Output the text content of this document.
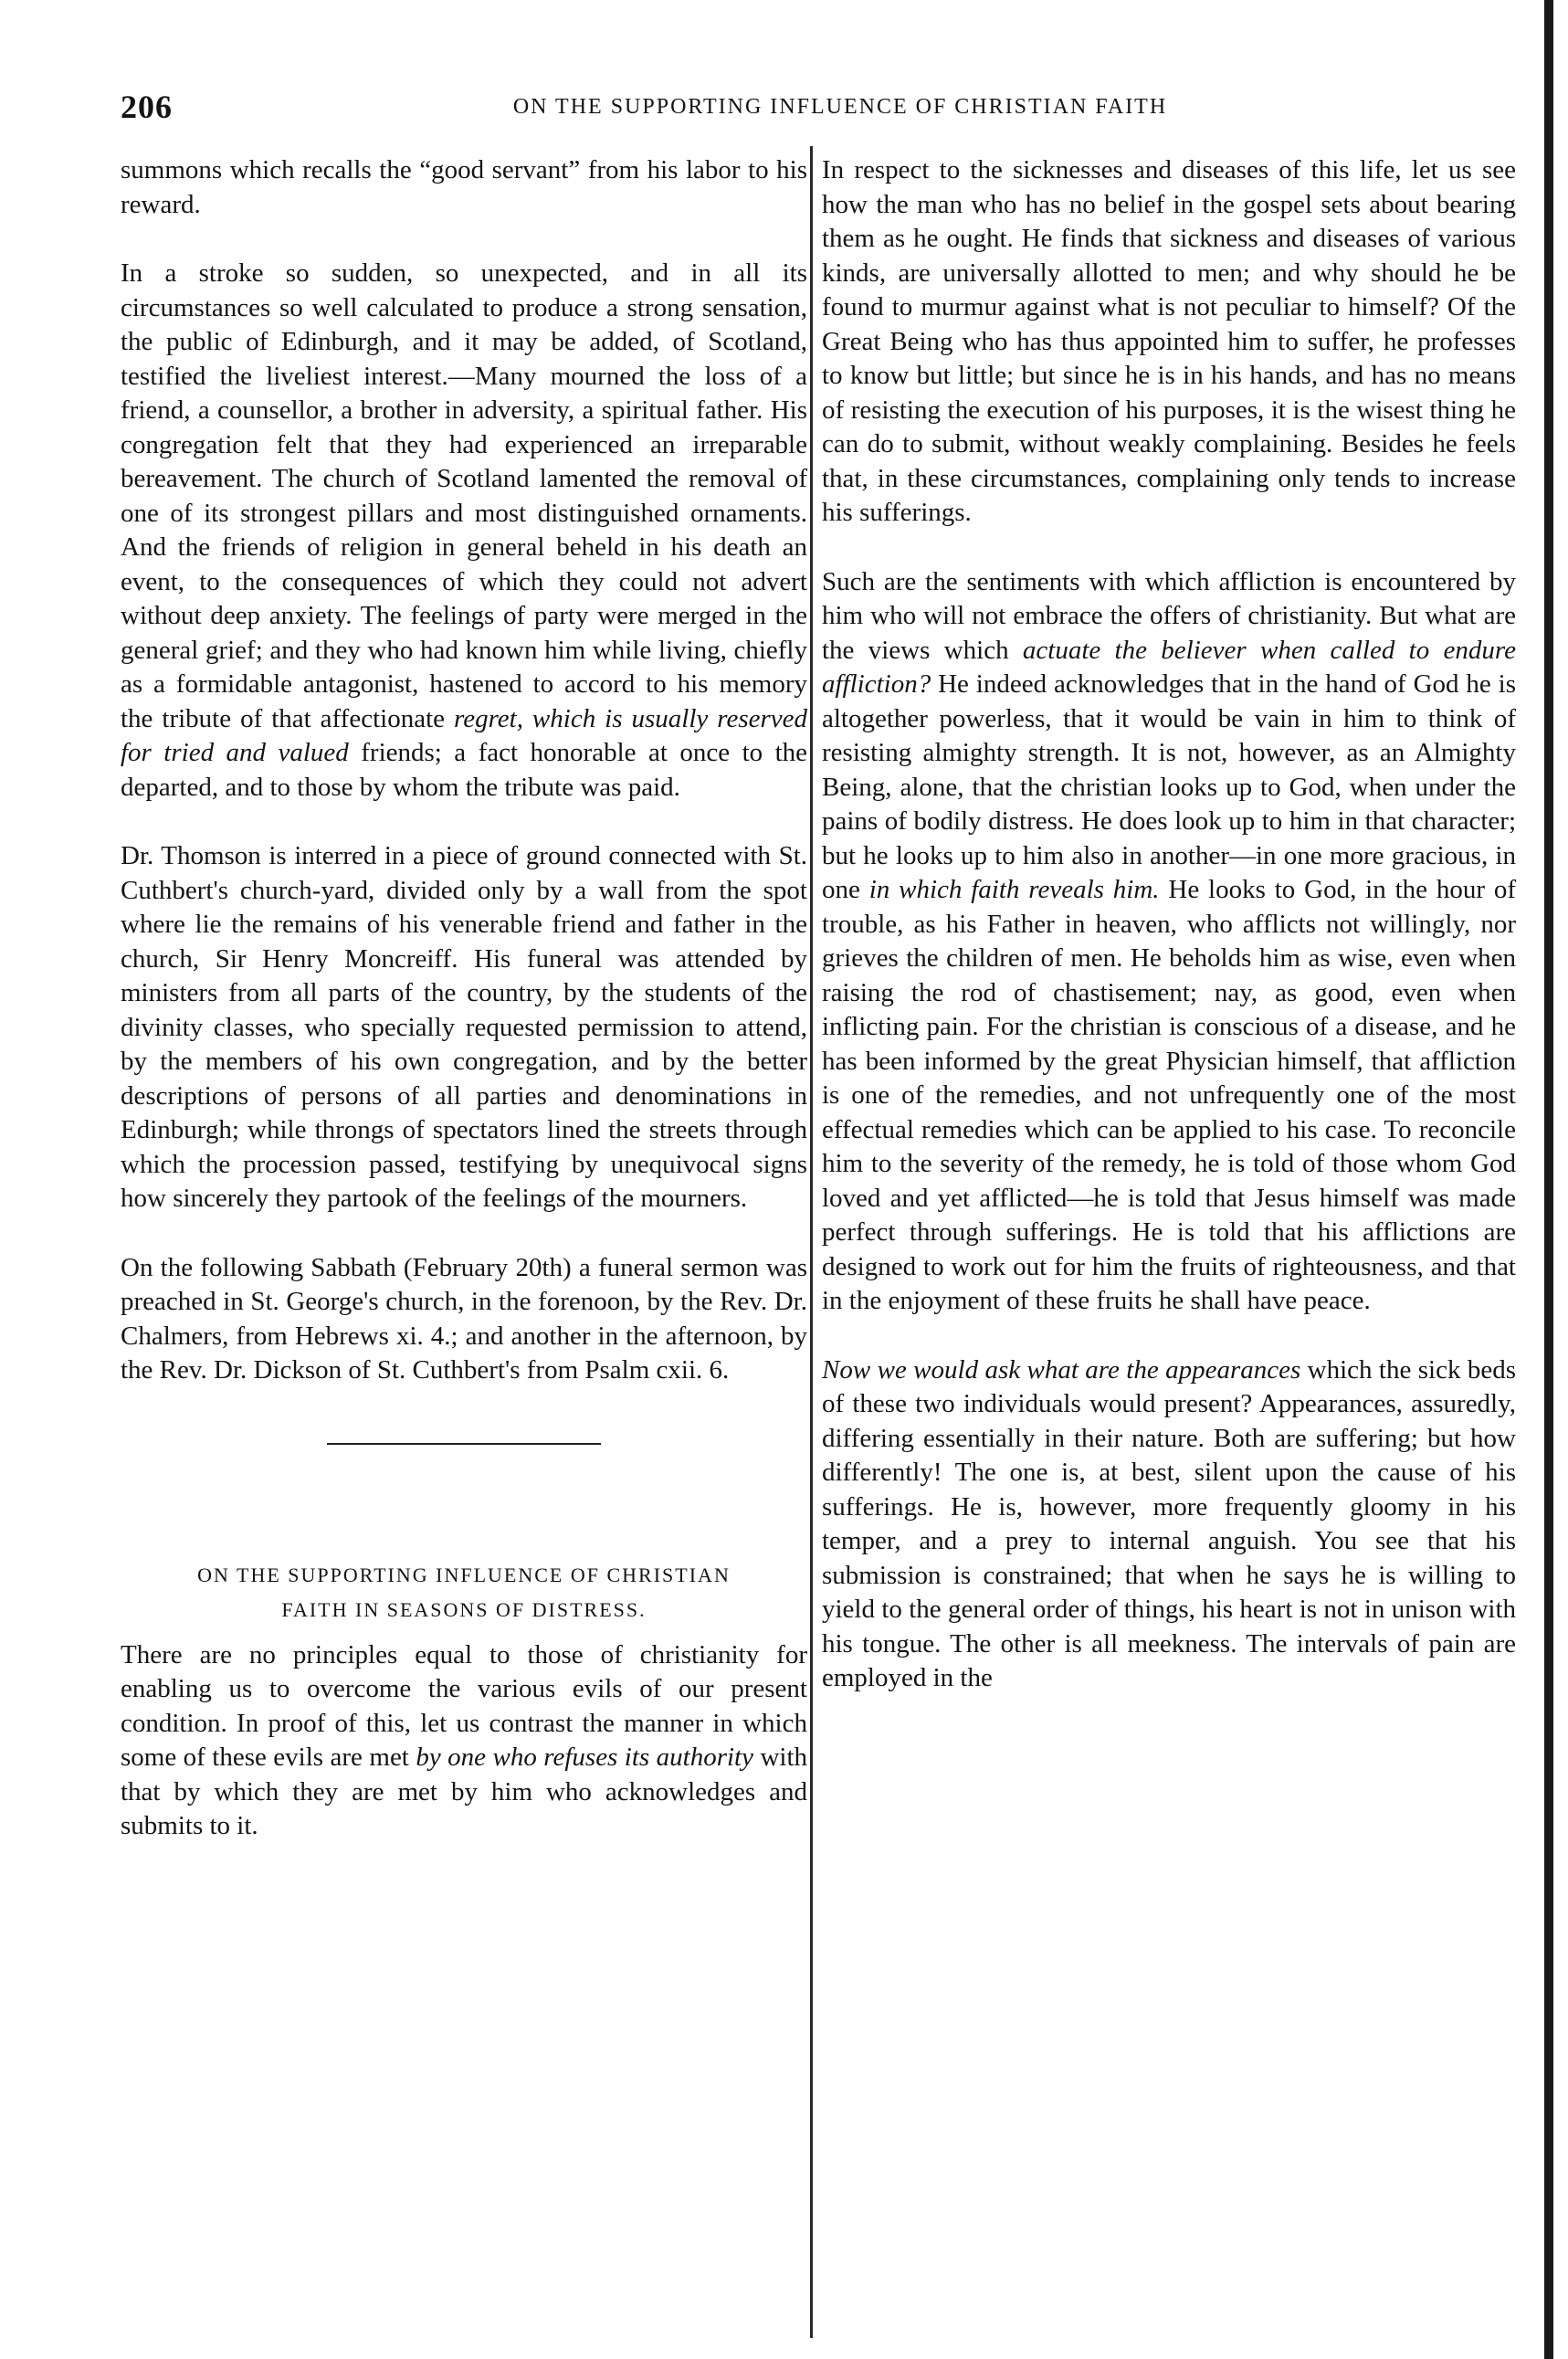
206	ON THE SUPPORTING INFLUENCE OF CHRISTIAN FAITH

summons which recalls the “good servant” from his labor to his reward.

In a stroke so sudden, so unexpected, and in all its circumstances so well calculated to produce a strong sensation, the public of Edinburgh, and it may be added, of Scotland, testified the liveliest interest.—Many mourned the loss of a friend, a counsellor, a brother in adversity, a spiritual father. His congregation felt that they had experienced an irreparable bereavement. The church of Scotland lamented the removal of one of its strongest pillars and most distinguished ornaments. And the friends of religion in general beheld in his death an event, to the consequences of which they could not advert without deep anxiety. The feelings of party were merged in the general grief; and they who had known him while living, chiefly as a formidable antagonist, hastened to accord to his memory the tribute of that affectionate regret, which is usually reserved for tried and valued friends; a fact honorable at once to the departed, and to those by whom the tribute was paid.

Dr. Thomson is interred in a piece of ground connected with St. Cuthbert's church-yard, divided only by a wall from the spot where lie the remains of his venerable friend and father in the church, Sir Henry Moncreiff. His funeral was attended by ministers from all parts of the country, by the students of the divinity classes, who specially requested permission to attend, by the members of his own congregation, and by the better descriptions of persons of all parties and denominations in Edinburgh; while throngs of spectators lined the streets through which the procession passed, testifying by unequivocal signs how sincerely they partook of the feelings of the mourners.

On the following Sabbath (February 20th) a funeral sermon was preached in St. George's church, in the forenoon, by the Rev. Dr. Chalmers, from Hebrews xi. 4.; and another in the afternoon, by the Rev. Dr. Dickson of St. Cuthbert's from Psalm cxii. 6.

ON THE SUPPORTING INFLUENCE OF CHRISTIAN
FAITH IN SEASONS OF DISTRESS.

There are no principles equal to those of christianity for enabling us to overcome the various evils of our present condition. In proof of this, let us contrast the manner in which some of these evils are met by one who refuses its authority with that by which they are met by him who acknowledges and submits to it.

In respect to the sicknesses and diseases of this life, let us see how the man who has no belief in the gospel sets about bearing them as he ought. He finds that sickness and diseases of various kinds, are universally allotted to men; and why should he be found to murmur against what is not peculiar to himself? Of the Great Being who has thus appointed him to suffer, he professes to know but little; but since he is in his hands, and has no means of resisting the execution of his purposes, it is the wisest thing he can do to submit, without weakly complaining. Besides he feels that, in these circumstances, complaining only tends to increase his sufferings.

Such are the sentiments with which affliction is encountered by him who will not embrace the offers of christianity. But what are the views which actuate the believer when called to endure affliction? He indeed acknowledges that in the hand of God he is altogether powerless, that it would be vain in him to think of resisting almighty strength. It is not, however, as an Almighty Being, alone, that the christian looks up to God, when under the pains of bodily distress. He does look up to him in that character; but he looks up to him also in another—in one more gracious, in one in which faith reveals him. He looks to God, in the hour of trouble, as his Father in heaven, who afflicts not willingly, nor grieves the children of men. He beholds him as wise, even when raising the rod of chastisement; nay, as good, even when inflicting pain. For the christian is conscious of a disease, and he has been informed by the great Physician himself, that affliction is one of the remedies, and not unfrequently one of the most effectual remedies which can be applied to his case. To reconcile him to the severity of the remedy, he is told of those whom God loved and yet afflicted—he is told that Jesus himself was made perfect through sufferings. He is told that his afflictions are designed to work out for him the fruits of righteousness, and that in the enjoyment of these fruits he shall have peace.

Now we would ask what are the appearances which the sick beds of these two individuals would present? Appearances, assuredly, differing essentially in their nature. Both are suffering; but how differently! The one is, at best, silent upon the cause of his sufferings. He is, however, more frequently gloomy in his temper, and a prey to internal anguish. You see that his submission is constrained; that when he says he is willing to yield to the general order of things, his heart is not in unison with his tongue. The other is all meekness. The intervals of pain are employed in the
